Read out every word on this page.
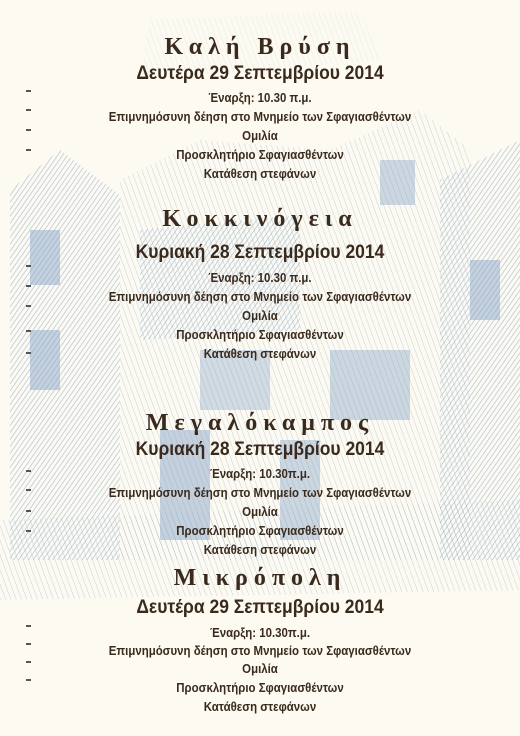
Καλή Βρύση
Δευτέρα 29 Σεπτεμβρίου 2014
Έναρξη: 10.30 π.μ.
Επιμνημόσυνη δέηση στο Μνημείο των Σφαγιασθέντων
Ομιλία
Προσκλητήριο Σφαγιασθέντων
Κατάθεση στεφάνων
Κοκκινόγεια
Κυριακή 28 Σεπτεμβρίου 2014
Έναρξη: 10.30 π.μ.
Επιμνημόσυνη δέηση στο Μνημείο των Σφαγιασθέντων
Ομιλία
Προσκλητήριο Σφαγιασθέντων
Κατάθεση στεφάνων
Μεγαλόκαμπος
Κυριακή 28 Σεπτεμβρίου 2014
Έναρξη: 10.30π.μ.
Επιμνημόσυνη δέηση στο Μνημείο των Σφαγιασθέντων
Ομιλία
Προσκλητήριο Σφαγιασθέντων
Κατάθεση στεφάνων
Μικρόπολη
Δευτέρα 29 Σεπτεμβρίου 2014
Έναρξη: 10.30π.μ.
Επιμνημόσυνη δέηση στο Μνημείο των Σφαγιασθέντων
Ομιλία
Προσκλητήριο Σφαγιασθέντων
Κατάθεση στεφάνων
